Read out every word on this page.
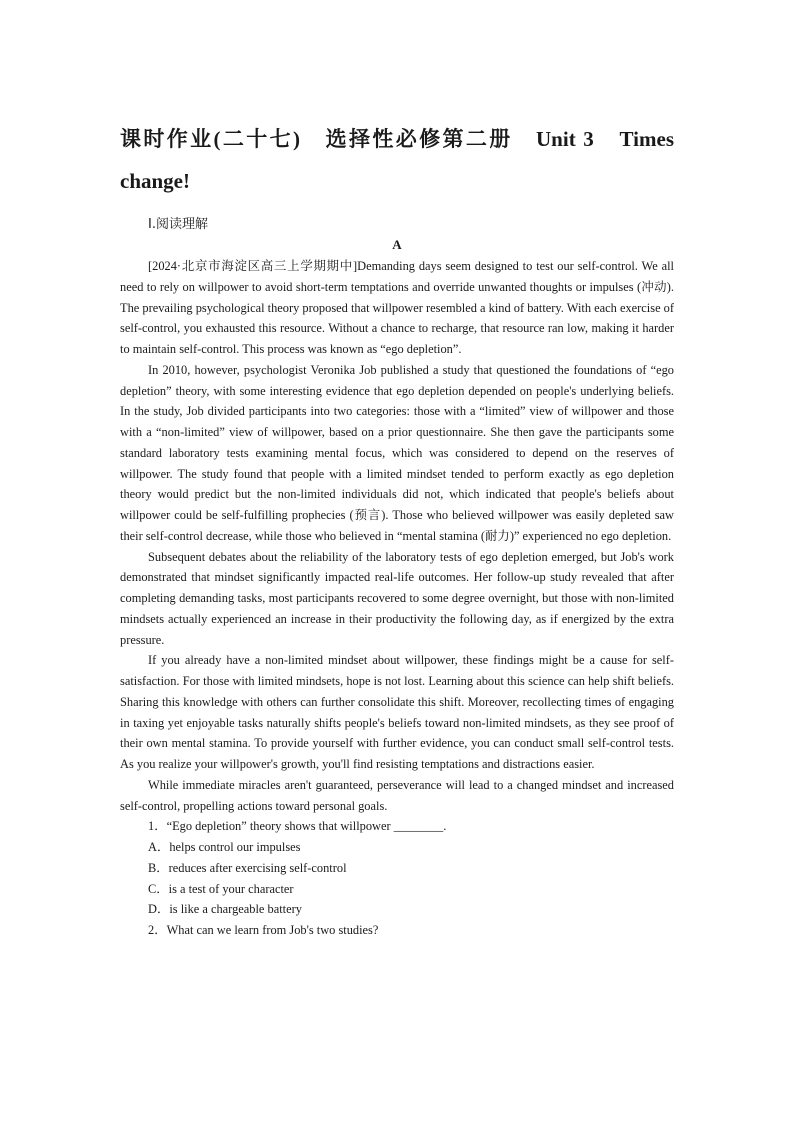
课时作业(二十七)　选择性必修第二册　Unit 3　Times change!
Ⅰ.阅读理解
A

[2024·北京市海淀区高三上学期期中]Demanding days seem designed to test our self-control. We all need to rely on willpower to avoid short-term temptations and override unwanted thoughts or impulses (冲动). The prevailing psychological theory proposed that willpower resembled a kind of battery. With each exercise of self-control, you exhausted this resource. Without a chance to recharge, that resource ran low, making it harder to maintain self-control. This process was known as “ego depletion”.

In 2010, however, psychologist Veronika Job published a study that questioned the foundations of “ego depletion” theory, with some interesting evidence that ego depletion depended on people's underlying beliefs. In the study, Job divided participants into two categories: those with a “limited” view of willpower and those with a “non-limited” view of willpower, based on a prior questionnaire. She then gave the participants some standard laboratory tests examining mental focus, which was considered to depend on the reserves of willpower. The study found that people with a limited mindset tended to perform exactly as ego depletion theory would predict but the non-limited individuals did not, which indicated that people's beliefs about willpower could be self-fulfilling prophecies (预言). Those who believed willpower was easily depleted saw their self-control decrease, while those who believed in “mental stamina (耐力)” experienced no ego depletion.

Subsequent debates about the reliability of the laboratory tests of ego depletion emerged, but Job's work demonstrated that mindset significantly impacted real-life outcomes. Her follow-up study revealed that after completing demanding tasks, most participants recovered to some degree overnight, but those with non-limited mindsets actually experienced an increase in their productivity the following day, as if energized by the extra pressure.

If you already have a non-limited mindset about willpower, these findings might be a cause for self-satisfaction. For those with limited mindsets, hope is not lost. Learning about this science can help shift beliefs. Sharing this knowledge with others can further consolidate this shift. Moreover, recollecting times of engaging in taxing yet enjoyable tasks naturally shifts people's beliefs toward non-limited mindsets, as they see proof of their own mental stamina. To provide yourself with further evidence, you can conduct small self-control tests. As you realize your willpower's growth, you'll find resisting temptations and distractions easier.

While immediate miracles aren't guaranteed, perseverance will lead to a changed mindset and increased self-control, propelling actions toward personal goals.

1．“Ego depletion” theory shows that willpower ________.
A．helps control our impulses
B．reduces after exercising self-control
C．is a test of your character
D．is like a chargeable battery
2．What can we learn from Job's two studies?
